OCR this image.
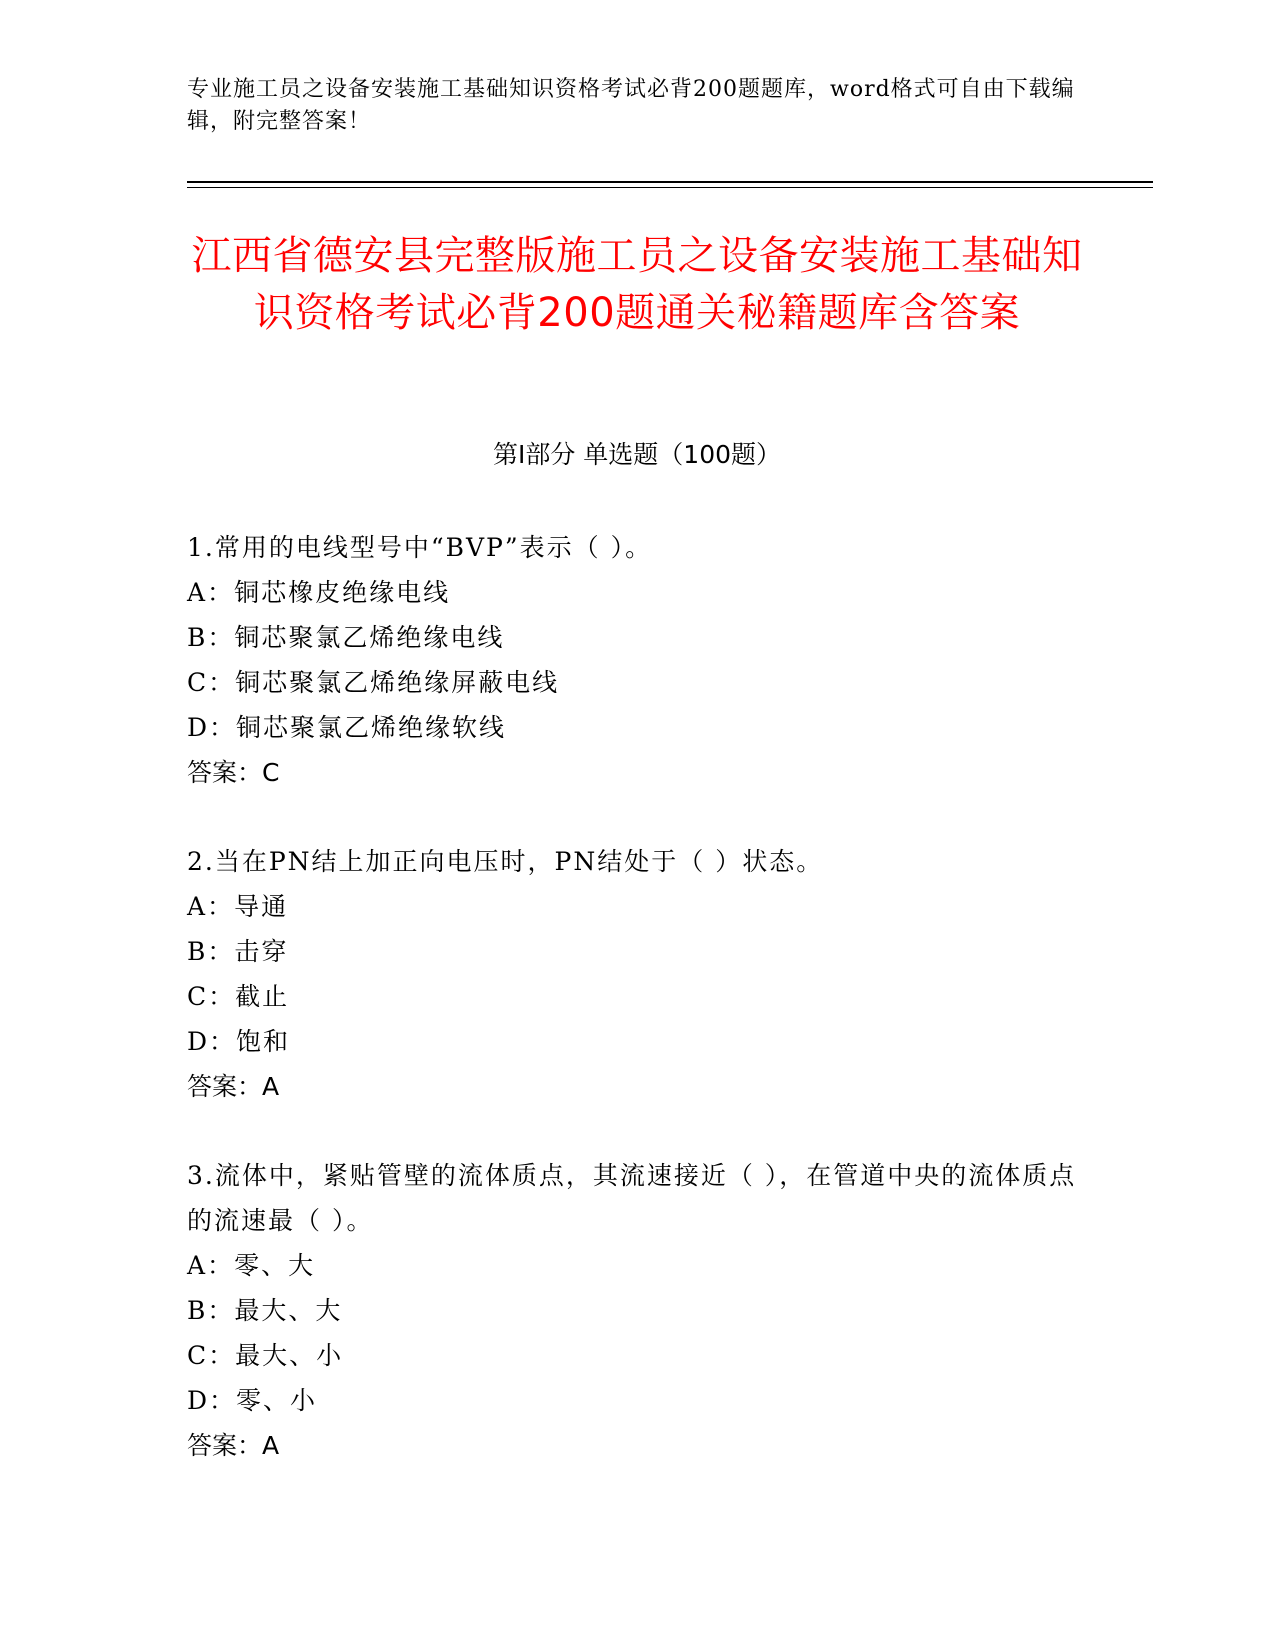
专业施工员之设备安装施工基础知识资格考试必背200题题库，word格式可自由下载编辑，附完整答案！
江西省德安县完整版施工员之设备安装施工基础知识资格考试必背200题通关秘籍题库含答案
第Ⅰ部分 单选题（100题）
1.常用的电线型号中“BVP”表示（ ）。
A：铜芯橡皮绝缘电线
B：铜芯聚氯乙烯绝缘电线
C：铜芯聚氯乙烯绝缘屏蔽电线
D：铜芯聚氯乙烯绝缘软线
答案：C
2.当在PN结上加正向电压时，PN结处于（ ）状态。
A：导通
B：击穿
C：截止
D：饱和
答案：A
3.流体中，紧贴管壁的流体质点，其流速接近（ ），在管道中央的流体质点的流速最（ ）。
A：零、大
B：最大、大
C：最大、小
D：零、小
答案：A
